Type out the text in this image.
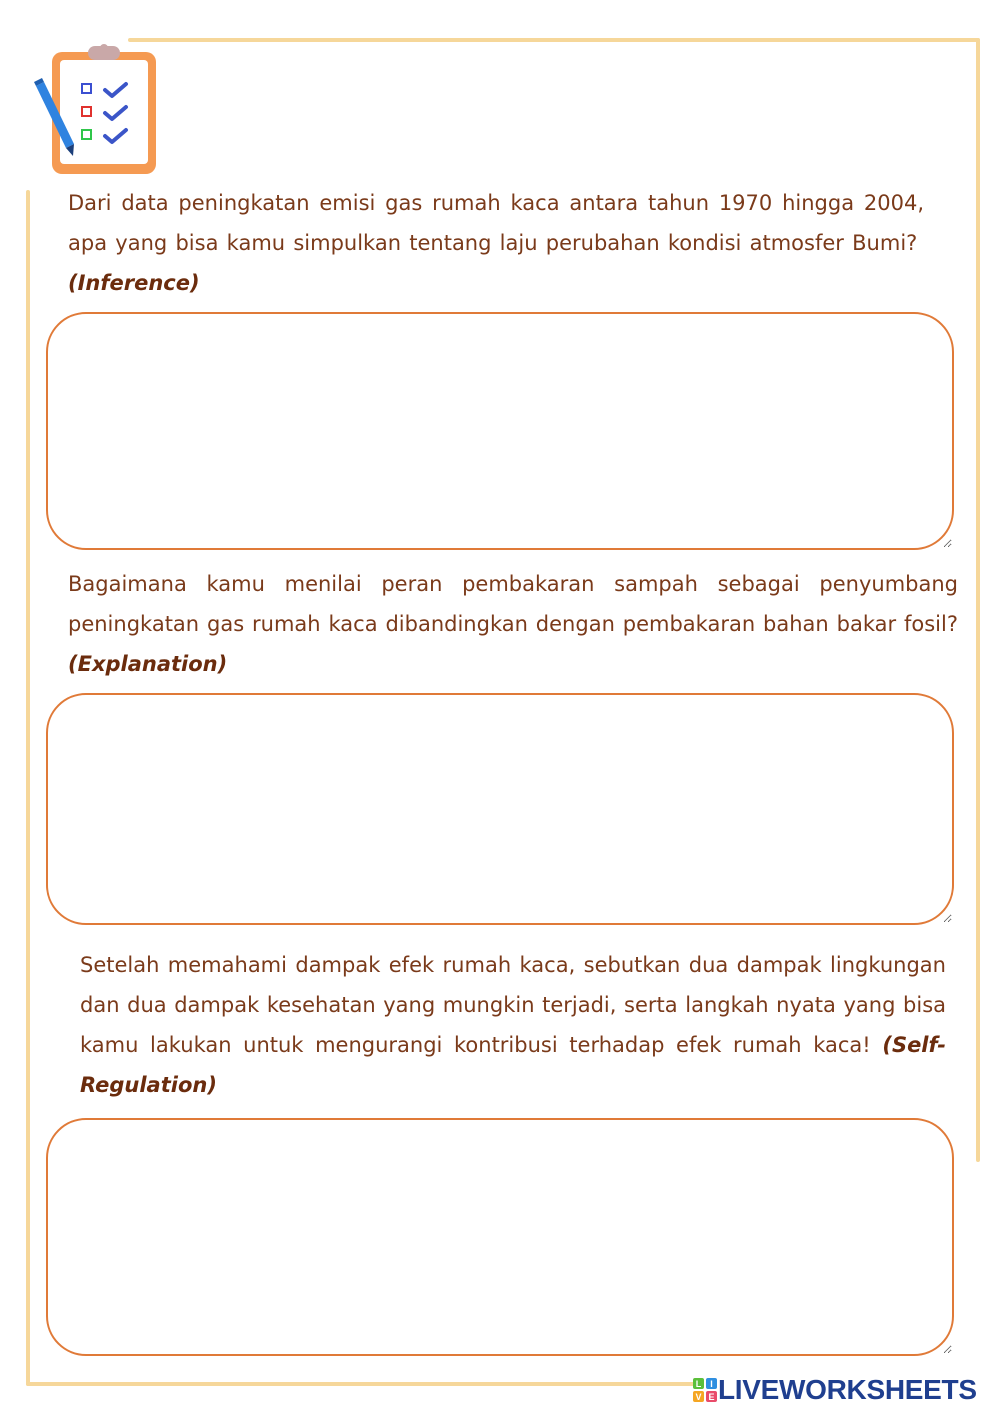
Dari data peningkatan emisi gas rumah kaca antara tahun 1970 hingga 2004, apa yang bisa kamu simpulkan tentang laju perubahan kondisi atmosfer Bumi?  (Inference)

Bagaimana kamu menilai peran pembakaran sampah sebagai penyumbang peningkatan gas rumah kaca dibandingkan dengan pembakaran bahan bakar fosil? (Explanation)

Setelah memahami dampak efek rumah kaca, sebutkan dua dampak lingkungan dan dua dampak kesehatan yang mungkin terjadi, serta langkah nyata yang bisa kamu lakukan untuk mengurangi kontribusi terhadap efek rumah kaca! (Self-Regulation)

L I
V E LIVEWORKSHEETS
